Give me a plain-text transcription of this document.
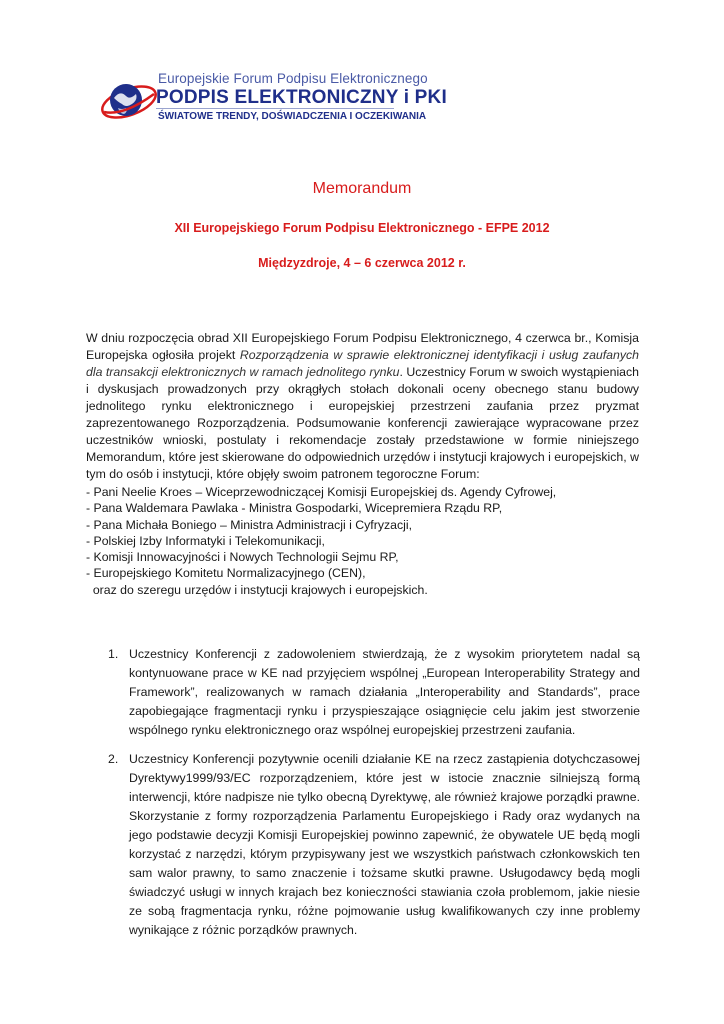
Europejskie Forum Podpisu Elektronicznego
PODPIS ELEKTRONICZNY i PKI
ŚWIATOWE TRENDY, DOŚWIADCZENIA I OCZEKIWANIA
Memorandum
XII Europejskiego Forum Podpisu Elektronicznego - EFPE 2012
Międzyzdroje, 4 – 6 czerwca 2012 r.

W dniu rozpoczęcia obrad XII Europejskiego Forum Podpisu Elektronicznego, 4 czerwca br., Komisja Europejska ogłosiła projekt Rozporządzenia w sprawie elektronicznej identyfikacji i usług zaufanych dla transakcji elektronicznych w ramach jednolitego rynku. Uczestnicy Forum w swoich wystąpieniach i dyskusjach prowadzonych przy okrągłych stołach dokonali oceny obecnego stanu budowy jednolitego rynku elektronicznego i europejskiej przestrzeni zaufania przez pryzmat zaprezentowanego Rozporządzenia. Podsumowanie konferencji zawierające wypracowane przez uczestników wnioski, postulaty i rekomendacje zostały przedstawione w formie niniejszego Memorandum, które jest skierowane do odpowiednich urzędów i instytucji krajowych i europejskich, w tym do osób i instytucji, które objęły swoim patronem tegoroczne Forum:

- Pani Neelie Kroes – Wiceprzewodniczącej Komisji Europejskiej ds. Agendy Cyfrowej,
- Pana Waldemara Pawlaka - Ministra Gospodarki, Wicepremiera Rządu RP,
- Pana Michała Boniego – Ministra Administracji i Cyfryzacji,
- Polskiej Izby Informatyki i Telekomunikacji,
- Komisji Innowacyjności i Nowych Technologii Sejmu RP,
- Europejskiego Komitetu Normalizacyjnego (CEN),
oraz do szeregu urzędów i instytucji krajowych i europejskich.
1. Uczestnicy Konferencji z zadowoleniem stwierdzają, że z wysokim priorytetem nadal są kontynuowane prace w KE nad przyjęciem wspólnej „European Interoperability Strategy and Framework”, realizowanych w ramach działania „Interoperability and Standards”, prace zapobiegające fragmentacji rynku i przyspieszające osiągnięcie celu jakim jest stworzenie wspólnego rynku elektronicznego oraz wspólnej europejskiej przestrzeni zaufania.
2. Uczestnicy Konferencji pozytywnie ocenili działanie KE na rzecz zastąpienia dotychczasowej Dyrektywy1999/93/EC rozporządzeniem, które jest w istocie znacznie silniejszą formą interwencji, które nadpisze nie tylko obecną Dyrektywę, ale również krajowe porządki prawne. Skorzystanie z formy rozporządzenia Parlamentu Europejskiego i Rady oraz wydanych na jego podstawie decyzji Komisji Europejskiej powinno zapewnić, że obywatele UE będą mogli korzystać z narzędzi, którym przypisywany jest we wszystkich państwach członkowskich ten sam walor prawny, to samo znaczenie i tożsame skutki prawne. Usługodawcy będą mogli świadczyć usługi w innych krajach bez konieczności stawiania czoła problemom, jakie niesie ze sobą fragmentacja rynku, różne pojmowanie usług kwalifikowanych czy inne problemy wynikające z różnic porządków prawnych.
